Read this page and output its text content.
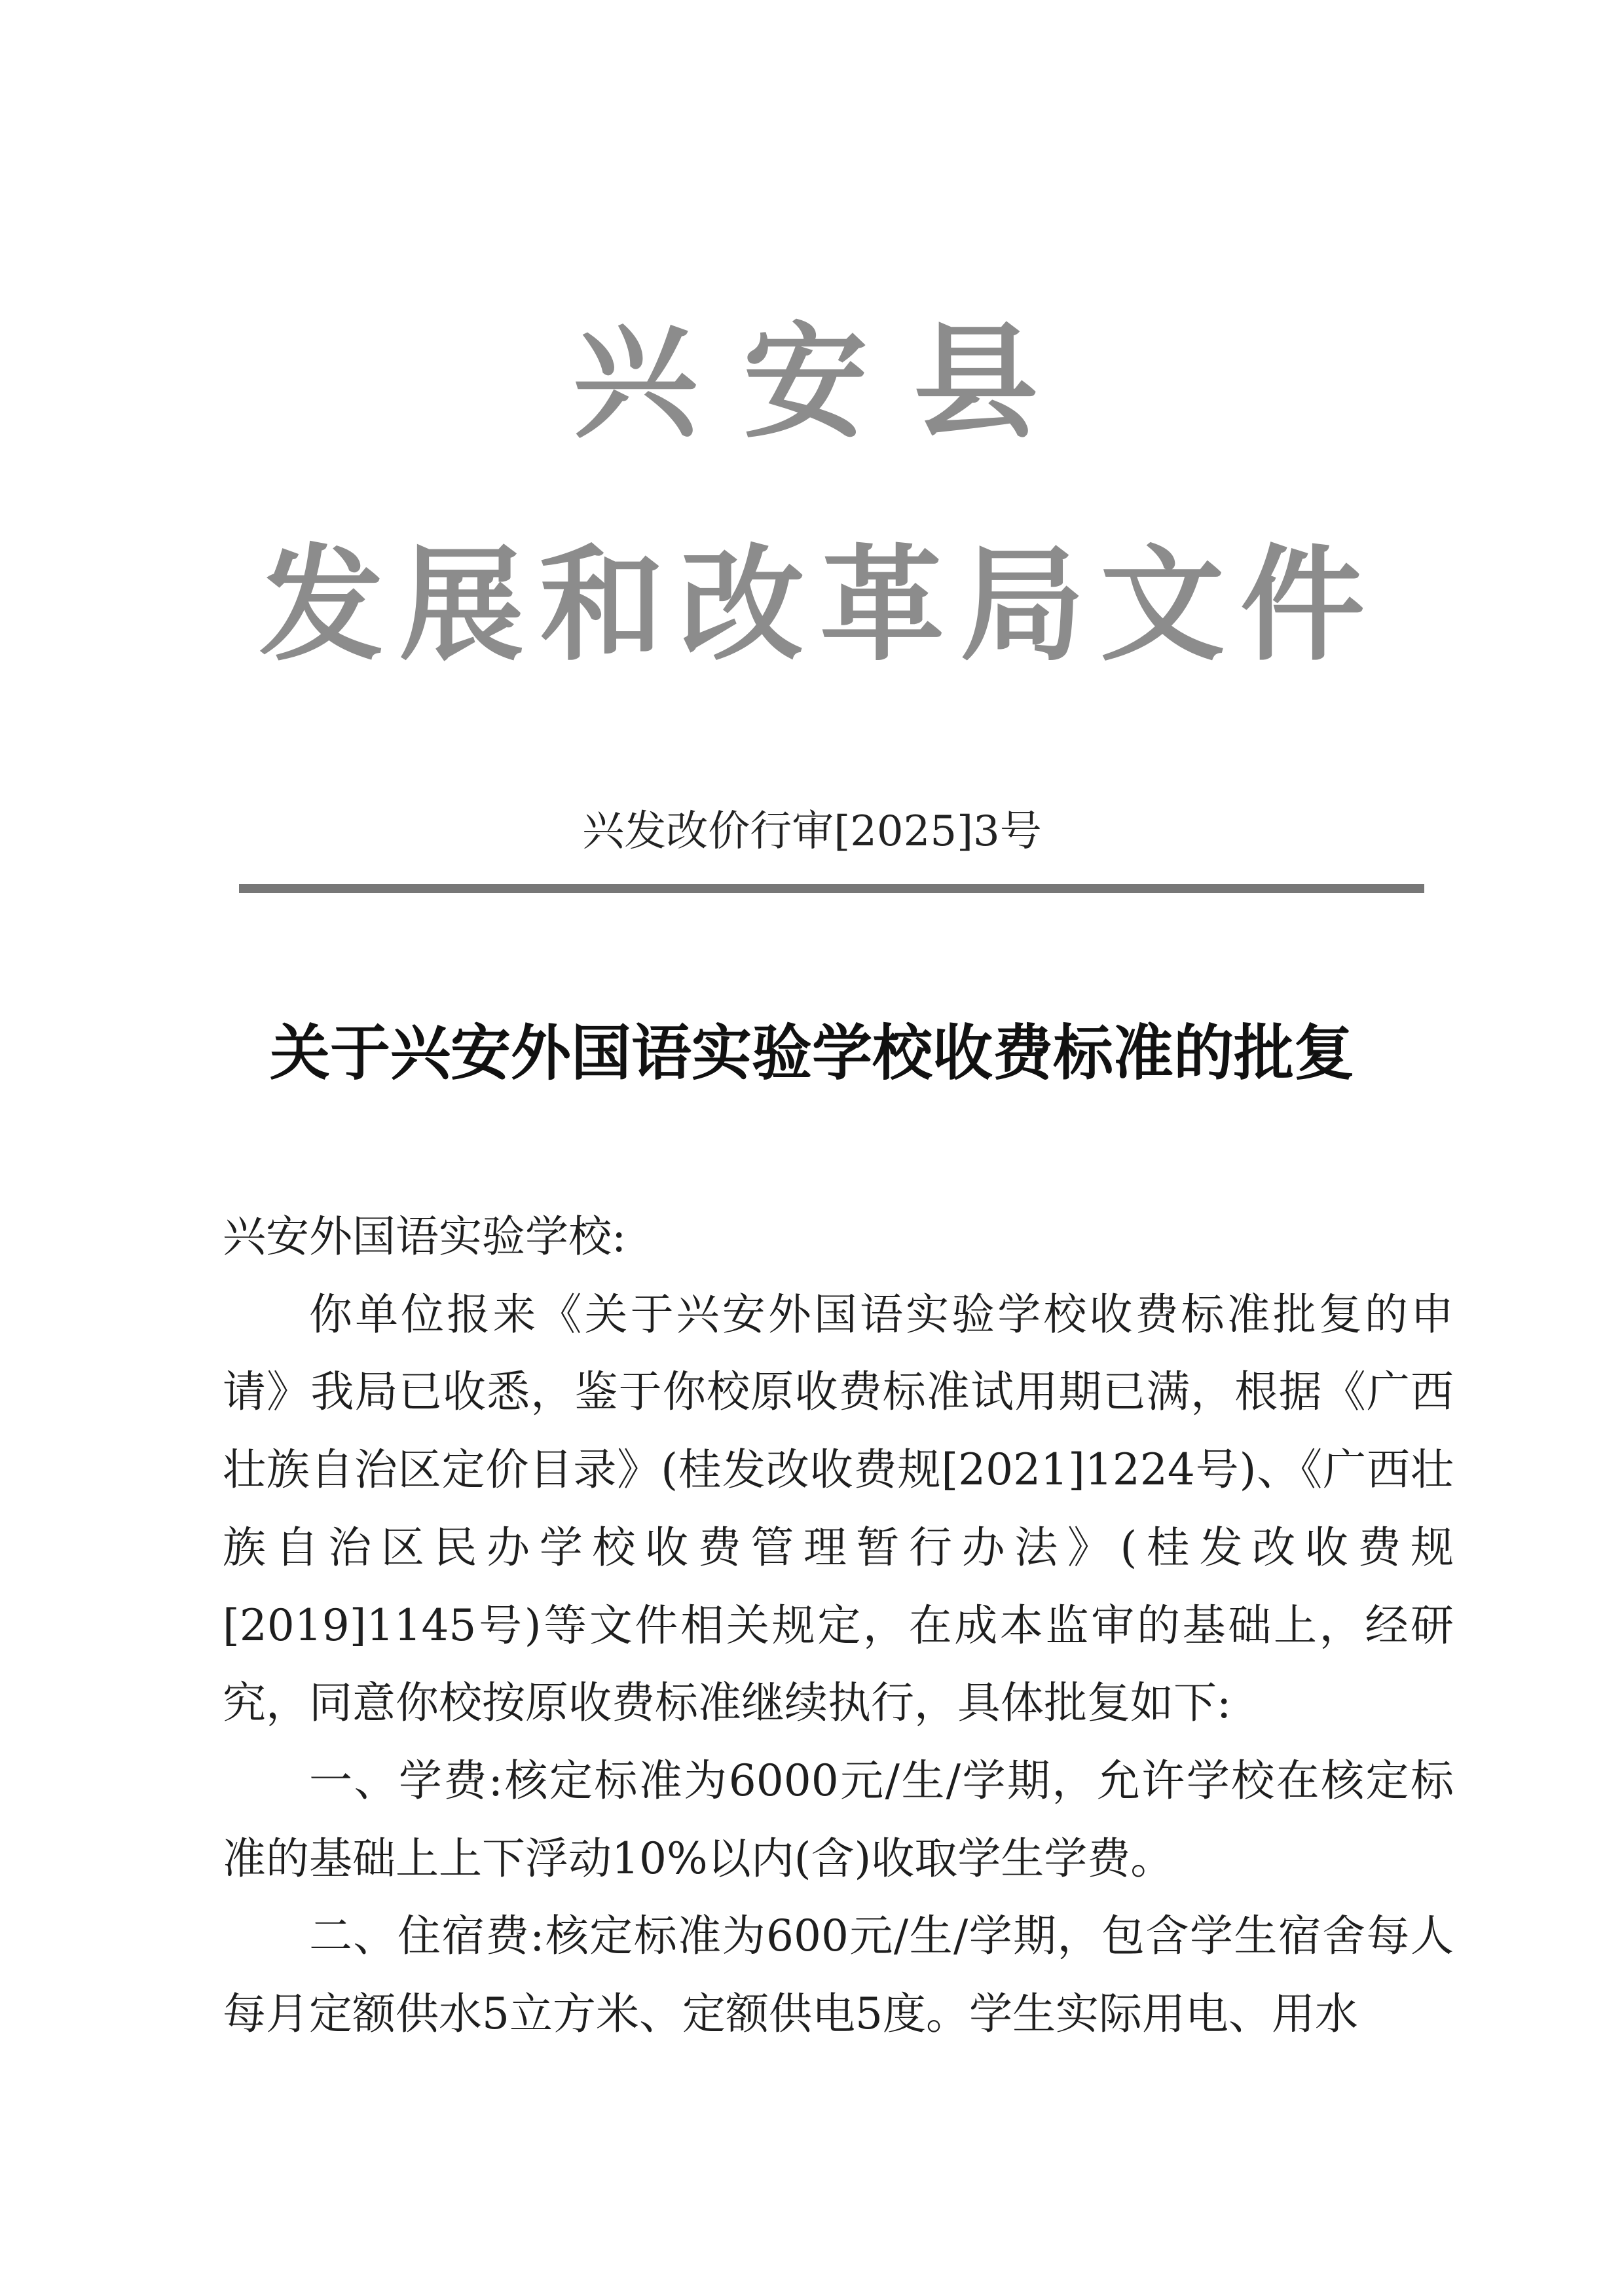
兴安县
发展和改革局文件
兴发改价行审[2025]3号
关于兴安外国语实验学校收费标准的批复

兴安外国语实验学校:

你单位报来《关于兴安外国语实验学校收费标准批复的申请》我局已收悉，鉴于你校原收费标准试用期已满，根据《广西壮族自治区定价目录》(桂发改收费规[2021]1224号)、《广西壮族自治区民办学校收费管理暂行办法》(桂发改收费规[2019]1145号)等文件相关规定，在成本监审的基础上，经研究，同意你校按原收费标准继续执行，具体批复如下:

一、学费:核定标准为6000元/生/学期，允许学校在核定标准的基础上上下浮动10%以内(含)收取学生学费。

二、住宿费:核定标准为600元/生/学期，包含学生宿舍每人每月定额供水5立方米、定额供电5度。学生实际用电、用水
